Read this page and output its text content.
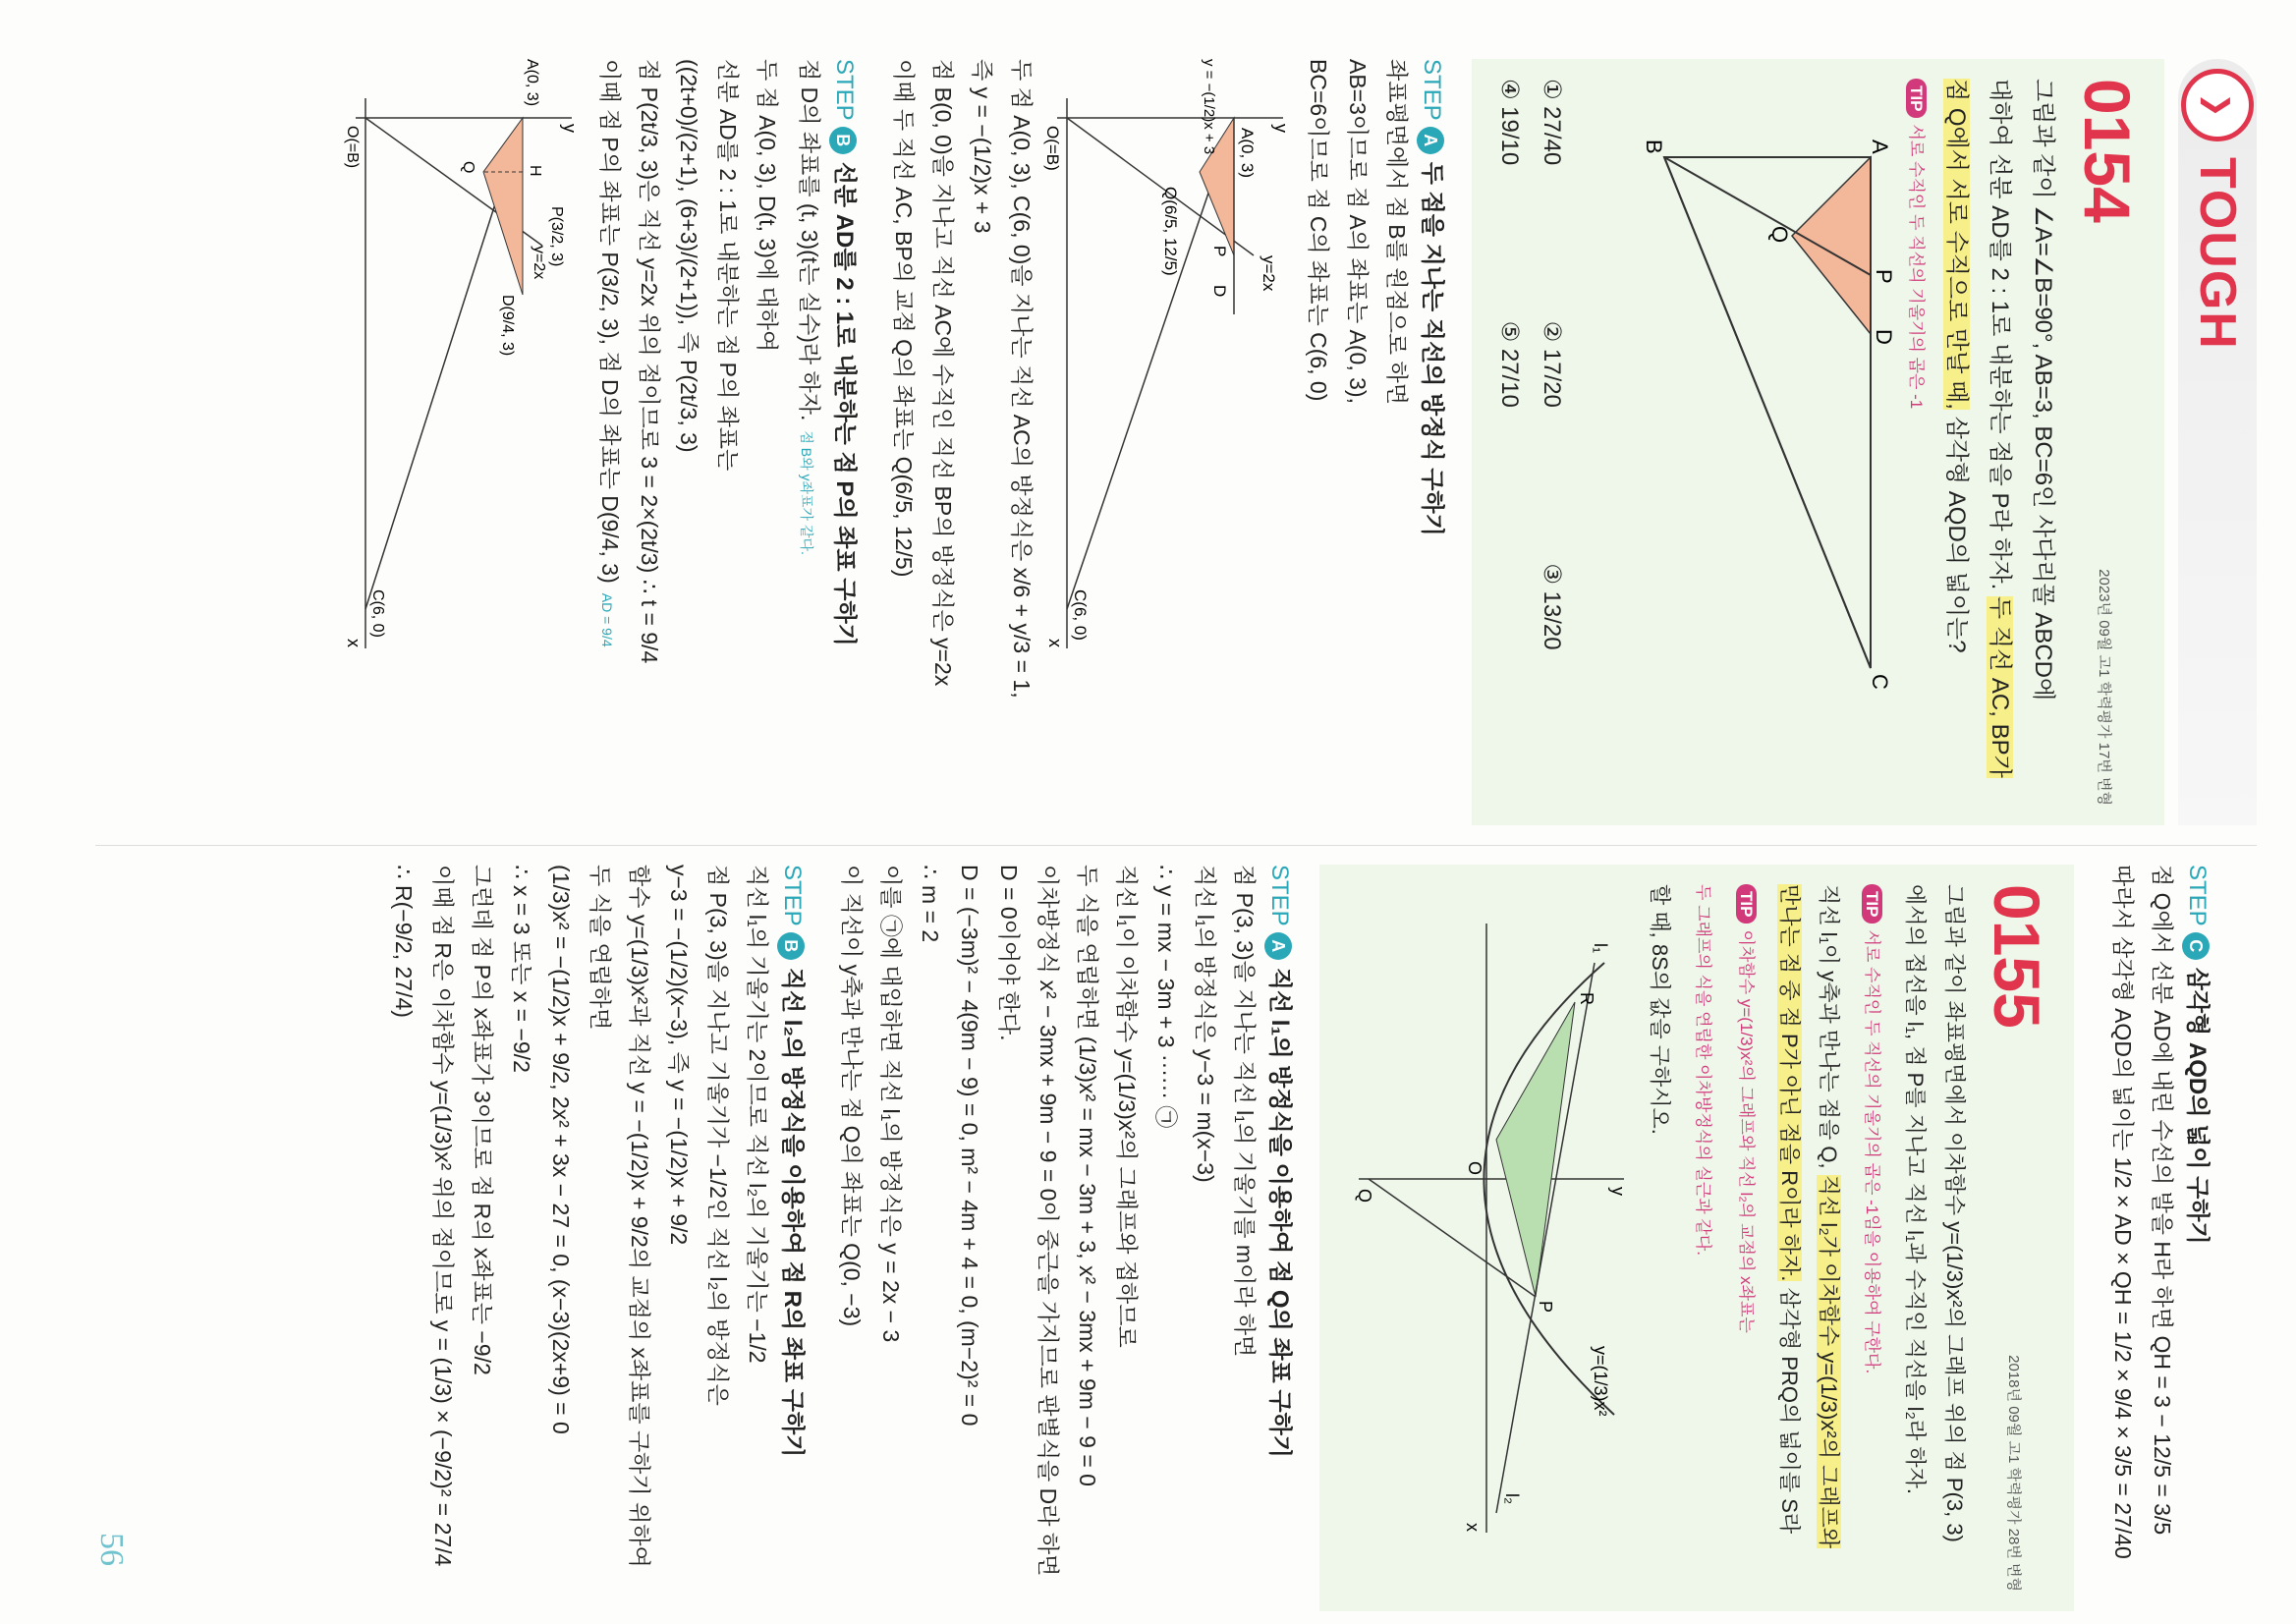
56
❯
TOUGH
0154
2023년 09월 고1 학력평가 17번 변형
그림과 같이 ∠A=∠B=90°, AB=3, BC=6인 사다리꼴 ABCD에
대하여 선분 AD를 2 : 1로 내분하는 점을 P라 하자. 두 직선 AC, BP가
점 Q에서 서로 수직으로 만날 때, 삼각형 AQD의 넓이는?
TIP서로 수직인 두 직선의 기울기의 곱은 -1
A
B
C
D
P
Q
① 27/40
② 17/20
③ 13/20
④ 19/10
⑤ 27/10
STEPA두 점을 지나는 직선의 방정식 구하기
좌표평면에서 점 B를 원점으로 하면
AB=3이므로 점 A의 좌표는 A(0, 3),
BC=6이므로 점 C의 좌표는 C(6, 0)
y
x
A(0, 3)
y=2x
y = −(1/2)x + 3
P
D
Q(6/5, 12/5)
O(=B)
C(6, 0)
두 점 A(0, 3), C(6, 0)을 지나는 직선 AC의 방정식은 x/6 + y/3 = 1,
즉 y = −(1/2)x + 3
점 B(0, 0)을 지나고 직선 AC에 수직인 직선 BP의 방정식은 y=2x
이때 두 직선 AC, BP의 교점 Q의 좌표는 Q(6/5, 12/5)
STEPB선분 AD를 2 : 1로 내분하는 점 P의 좌표 구하기
점 D의 좌표를 (t, 3)(t는 실수)라 하자.점 B와 y좌표가 같다.
두 점 A(0, 3), D(t, 3)에 대하여
선분 AD를 2 : 1로 내분하는 점 P의 좌표는
((2t+0)/(2+1), (6+3)/(2+1)), 즉 P(2t/3, 3)
점 P(2t/3, 3)은 직선 y=2x 위의 점이므로 3 = 2×(2t/3) ∴ t = 9/4
이때 점 P의 좌표는 P(3/2, 3), 점 D의 좌표는 D(9/4, 3)AD = 9/4
y
x
A(0, 3)
H
P(3/2, 3)
y=2x
D(9/4, 3)
Q
O(=B)
C(6, 0)
STEPC삼각형 AQD의 넓이 구하기
점 Q에서 선분 AD에 내린 수선의 발을 H라 하면 QH = 3 − 12/5 = 3/5
따라서 삼각형 AQD의 넓이는 1/2 × AD × QH = 1/2 × 9/4 × 3/5 = 27/40
0155
2018년 09월 고1 학력평가 28번 변형
그림과 같이 좌표평면에서 이차함수 y=(1/3)x²의 그래프 위의 점 P(3, 3)
에서의 접선을 l₁, 점 P를 지나고 직선 l₁과 수직인 직선을 l₂라 하자.
TIP서로 수직인 두 직선의 기울기의 곱은 -1임을 이용하여 구한다.
직선 l₁이 y축과 만나는 점을 Q, 직선 l₂가 이차함수 y=(1/3)x²의 그래프와
만나는 점 중 점 P가 아닌 점을 R이라 하자. 삼각형 PRQ의 넓이를 S라
TIP이차함수 y=(1/3)x²의 그래프와 직선 l₂의 교점의 x좌표는
두 그래프의 식을 연립한 이차방정식의 실근과 같다.
할 때, 8S의 값을 구하시오.
y
x
y=(1/3)x²
l₁
l₂
R
P
Q
O
STEPA직선 l₁의 방정식을 이용하여 점 Q의 좌표 구하기
점 P(3, 3)을 지나는 직선 l₁의 기울기를 m이라 하면
직선 l₁의 방정식은 y−3 = m(x−3)
∴ y = mx − 3m + 3 ······ ㉠
직선 l₁이 이차함수 y=(1/3)x²의 그래프와 접하므로
두 식을 연립하면 (1/3)x² = mx − 3m + 3, x² − 3mx + 9m − 9 = 0
이차방정식 x² − 3mx + 9m − 9 = 0이 중근을 가지므로 판별식을 D라 하면
D = 0이어야 한다.
D = (−3m)² − 4(9m − 9) = 0, m² − 4m + 4 = 0, (m−2)² = 0
∴ m = 2
이를 ㉠에 대입하면 직선 l₁의 방정식은 y = 2x − 3
이 직선이 y축과 만나는 점 Q의 좌표는 Q(0, −3)
STEPB직선 l₂의 방정식을 이용하여 점 R의 좌표 구하기
직선 l₁의 기울기는 2이므로 직선 l₂의 기울기는 −1/2
점 P(3, 3)을 지나고 기울기가 −1/2인 직선 l₂의 방정식은
y−3 = −(1/2)(x−3), 즉 y = −(1/2)x + 9/2
함수 y=(1/3)x²과 직선 y = −(1/2)x + 9/2의 교점의 x좌표를 구하기 위하여
두 식을 연립하면
(1/3)x² = −(1/2)x + 9/2, 2x² + 3x − 27 = 0, (x−3)(2x+9) = 0
∴ x = 3 또는 x = −9/2
그런데 점 P의 x좌표가 3이므로 점 R의 x좌표는 −9/2
이때 점 R은 이차함수 y=(1/3)x² 위의 점이므로 y = (1/3) × (−9/2)² = 27/4
∴ R(−9/2, 27/4)
